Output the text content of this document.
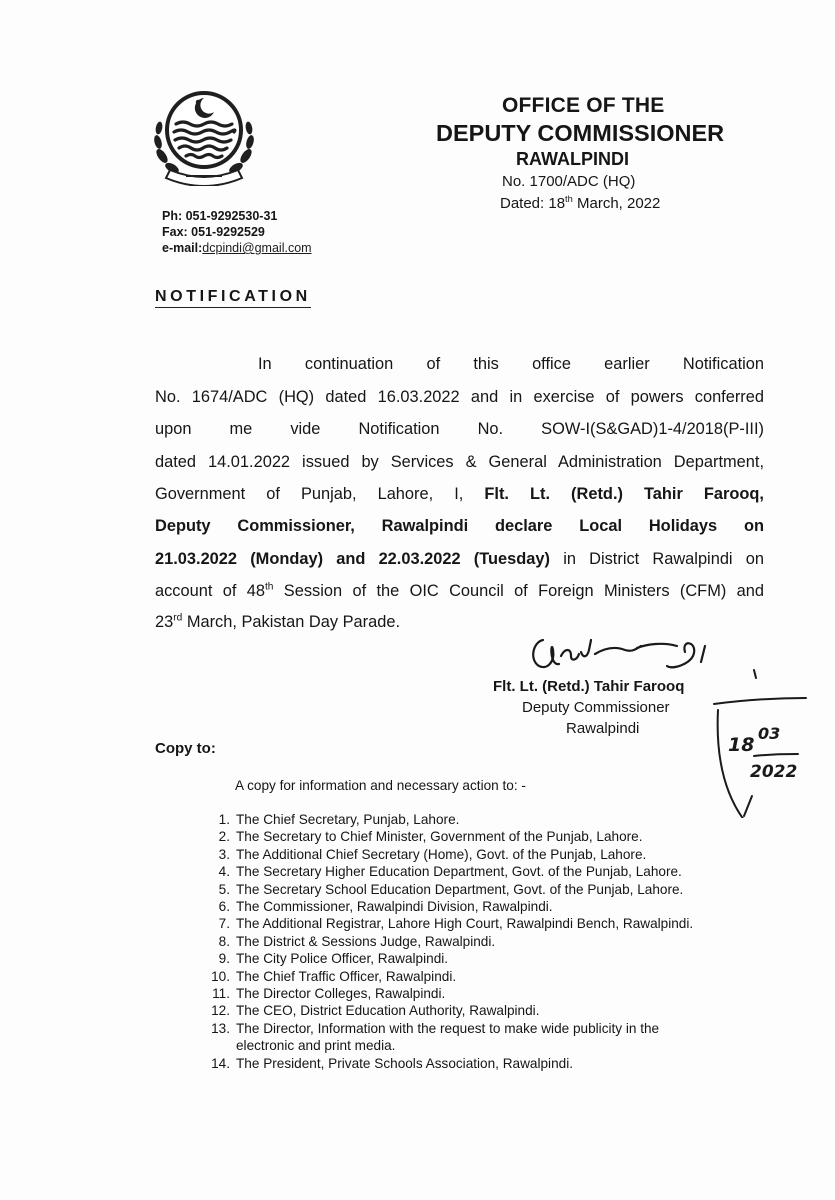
OFFICE OF THE
DEPUTY COMMISSIONER
RAWALPINDI
No. 1700/ADC (HQ)
Dated: 18th March, 2022
Ph: 051-9292530-31
Fax: 051-9292529
e-mail:dcpindi@gmail.com
NOTIFICATION
In continuation of this office earlier Notification
No. 1674/ADC (HQ) dated 16.03.2022 and in exercise of powers conferred
upon me vide Notification No. SOW-I(S&GAD)1-4/2018(P-III)
dated 14.01.2022 issued by Services & General Administration Department,
Government of Punjab, Lahore, I, Flt. Lt. (Retd.) Tahir Farooq,
Deputy Commissioner, Rawalpindi declare Local Holidays on
21.03.2022 (Monday) and 22.03.2022 (Tuesday) in District Rawalpindi on
account of 48th Session of the OIC Council of Foreign Ministers (CFM) and
23rd March, Pakistan Day Parade.
Flt. Lt. (Retd.) Tahir Farooq
Deputy Commissioner
Rawalpindi
18
03
2022
Copy to:
A copy for information and necessary action to: -
1. The Chief Secretary, Punjab, Lahore.
2. The Secretary to Chief Minister, Government of the Punjab, Lahore.
3. The Additional Chief Secretary (Home), Govt. of the Punjab, Lahore.
4. The Secretary Higher Education Department, Govt. of the Punjab, Lahore.
5. The Secretary School Education Department, Govt. of the Punjab, Lahore.
6. The Commissioner, Rawalpindi Division, Rawalpindi.
7. The Additional Registrar, Lahore High Court, Rawalpindi Bench, Rawalpindi.
8. The District & Sessions Judge, Rawalpindi.
9. The City Police Officer, Rawalpindi.
10. The Chief Traffic Officer, Rawalpindi.
11. The Director Colleges, Rawalpindi.
12. The CEO, District Education Authority, Rawalpindi.
13. The Director, Information with the request to make wide publicity in the
electronic and print media.
14. The President, Private Schools Association, Rawalpindi.
